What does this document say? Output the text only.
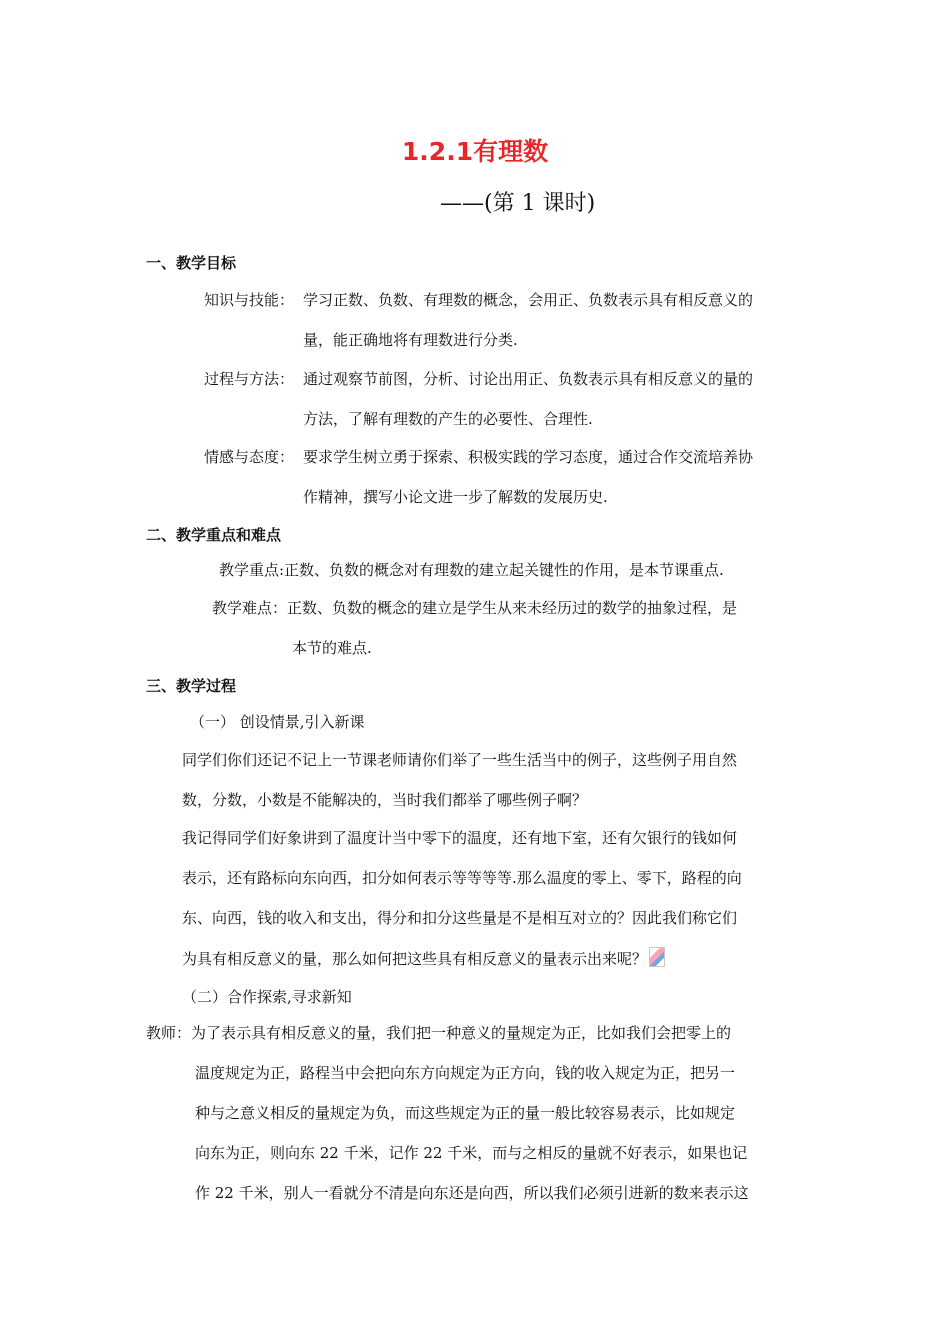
1.2.1有理数
——(第 1 课时)
一、教学目标
知识与技能： 学习正数、负数、有理数的概念，会用正、负数表示具有相反意义的
量，能正确地将有理数进行分类.
过程与方法： 通过观察节前图，分析、讨论出用正、负数表示具有相反意义的量的
方法，了解有理数的产生的必要性、合理性.
情感与态度： 要求学生树立勇于探索、积极实践的学习态度，通过合作交流培养协
作精神，撰写小论文进一步了解数的发展历史.
二、教学重点和难点
教学重点:正数、负数的概念对有理数的建立起关键性的作用，是本节课重点.
教学难点：正数、负数的概念的建立是学生从来未经历过的数学的抽象过程，是
本节的难点.
三、教学过程
（一） 创设情景,引入新课
同学们你们还记不记上一节课老师请你们举了一些生活当中的例子，这些例子用自然
数，分数，小数是不能解决的，当时我们都举了哪些例子啊？
我记得同学们好象讲到了温度计当中零下的温度，还有地下室，还有欠银行的钱如何
表示，还有路标向东向西，扣分如何表示等等等等.那么温度的零上、零下，路程的向
东、向西，钱的收入和支出，得分和扣分这些量是不是相互对立的？因此我们称它们
为具有相反意义的量，那么如何把这些具有相反意义的量表示出来呢？
（二）合作探索,寻求新知
教师：为了表示具有相反意义的量，我们把一种意义的量规定为正，比如我们会把零上的
温度规定为正，路程当中会把向东方向规定为正方向，钱的收入规定为正，把另一
种与之意义相反的量规定为负，而这些规定为正的量一般比较容易表示，比如规定
向东为正，则向东 22 千米，记作 22 千米，而与之相反的量就不好表示，如果也记
作 22 千米，别人一看就分不清是向东还是向西，所以我们必须引进新的数来表示这
